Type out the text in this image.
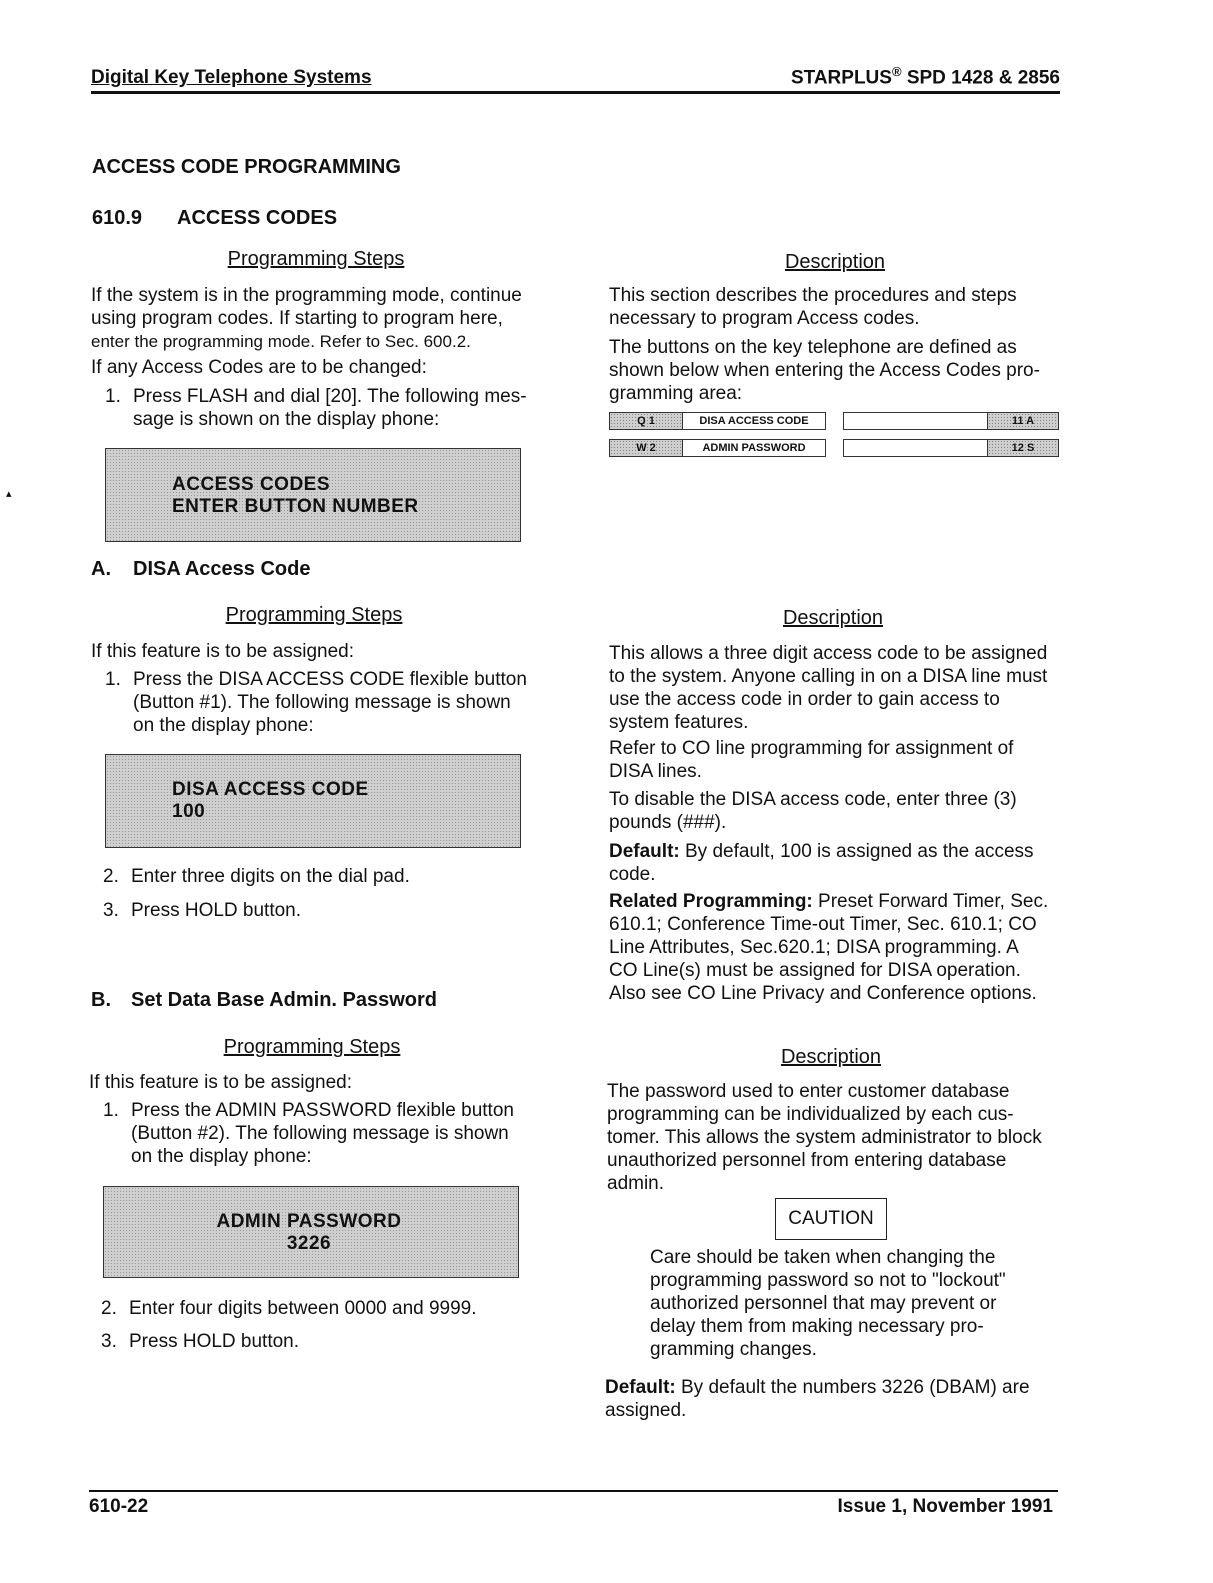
Digital Key Telephone Systems	STARPLUS® SPD 1428 & 2856
ACCESS CODE PROGRAMMING
610.9 ACCESS CODES
Programming Steps
If the system is in the programming mode, continue
using program codes. If starting to program here,
enter the programming mode. Refer to Sec. 600.2.
If any Access Codes are to be changed:
1. Press FLASH and dial [20]. The following mes-
sage is shown on the display phone:
ACCESS CODES
ENTER BUTTON NUMBER
▴
Description
This section describes the procedures and steps
necessary to program Access codes.
The buttons on the key telephone are defined as
shown below when entering the Access Codes pro-
gramming area:
Q 1	DISA ACCESS CODE	11 A
W 2	ADMIN PASSWORD	12 S
A. DISA Access Code
Programming Steps
If this feature is to be assigned:
1. Press the DISA ACCESS CODE flexible button
(Button #1). The following message is shown
on the display phone:
DISA ACCESS CODE
100
2. Enter three digits on the dial pad.
3. Press HOLD button.
Description
This allows a three digit access code to be assigned
to the system. Anyone calling in on a DISA line must
use the access code in order to gain access to
system features.
Refer to CO line programming for assignment of
DISA lines.
To disable the DISA access code, enter three (3)
pounds (###).
Default: By default, 100 is assigned as the access
code.
Related Programming: Preset Forward Timer, Sec.
610.1; Conference Time-out Timer, Sec. 610.1; CO
Line Attributes, Sec.620.1; DISA programming. A
CO Line(s) must be assigned for DISA operation.
Also see CO Line Privacy and Conference options.
B. Set Data Base Admin. Password
Programming Steps
If this feature is to be assigned:
1. Press the ADMIN PASSWORD flexible button
(Button #2). The following message is shown
on the display phone:
ADMIN PASSWORD
3226
2. Enter four digits between 0000 and 9999.
3. Press HOLD button.
Description
The password used to enter customer database
programming can be individualized by each cus-
tomer. This allows the system administrator to block
unauthorized personnel from entering database
admin.
CAUTION
Care should be taken when changing the
programming password so not to "lockout"
authorized personnel that may prevent or
delay them from making necessary pro-
gramming changes.
Default: By default the numbers 3226 (DBAM) are
assigned.
610-22	Issue 1, November 1991
